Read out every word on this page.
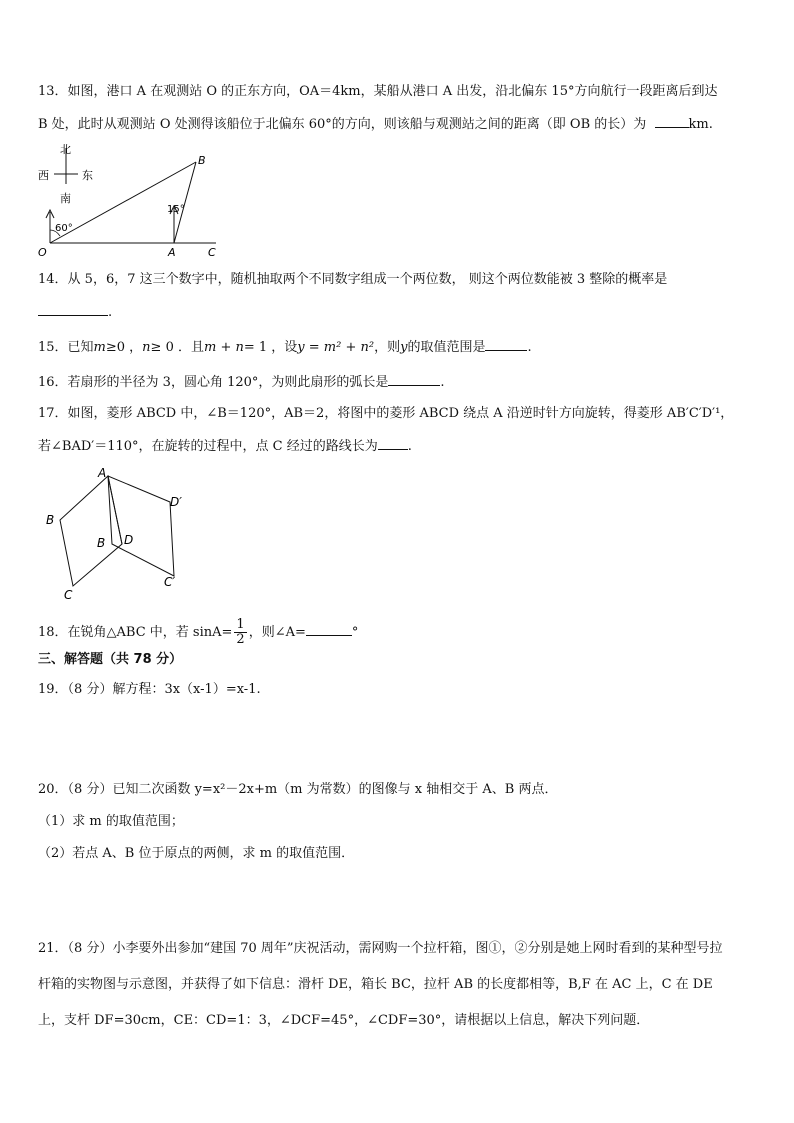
13．如图，港口 A 在观测站 O 的正东方向，OA＝4km，某船从港口 A 出发，沿北偏东 15°方向航行一段距离后到达
B 处，此时从观测站 O 处测得该船位于北偏东 60°的方向，则该船与观测站之间的距离（即 OB 的长）为	km.
北
南
西	东
60°
15°
O	A
B
C
14．从 5，6，7 这三个数字中，随机抽取两个不同数字组成一个两位数， 则这个两位数能被 3 整除的概率是
.
15．已知m≥0 ，n≥ 0 ．且m + n= 1 ，设y = m² + n²，则y的取值范围是	.
16．若扇形的半径为 3，圆心角 120°，为则此扇形的弧长是	.
17．如图，菱形 ABCD 中，∠B＝120°，AB＝2，将图中的菱形 ABCD 绕点 A 沿逆时针方向旋转，得菱形 AB′C′D′¹，
若∠BAD′＝110°，在旋转的过程中，点 C 经过的路线长为 .
A
B
C
D
B
D′
C′
18．在锐角△ABC 中，若 $\sin A= \frac{1}{2}$ ，则∠A=	°
三、解答题（共 78 分）
19．（8 分）解方程：3x（x-1）=x-1.
20．（8 分）已知二次函数 y=x²－2x+m（m 为常数）的图像与 x 轴相交于 A、B 两点．
（1）求 m 的取值范围；
（2）若点 A、B 位于原点的两侧，求 m 的取值范围．
21．（8 分）小李要外出参加“建国 70 周年”庆祝活动，需网购一个拉杆箱，图①，②分别是她上网时看到的某种型号拉
杆箱的实物图与示意图，并获得了如下信息：滑杆 DE，箱长 BC，拉杆 AB 的长度都相等，B,F 在 AC 上，C 在 DE
上，支杆 DF=30cm，CE：CD=1：3，∠DCF=45°，∠CDF=30°，请根据以上信息，解决下列问题．
